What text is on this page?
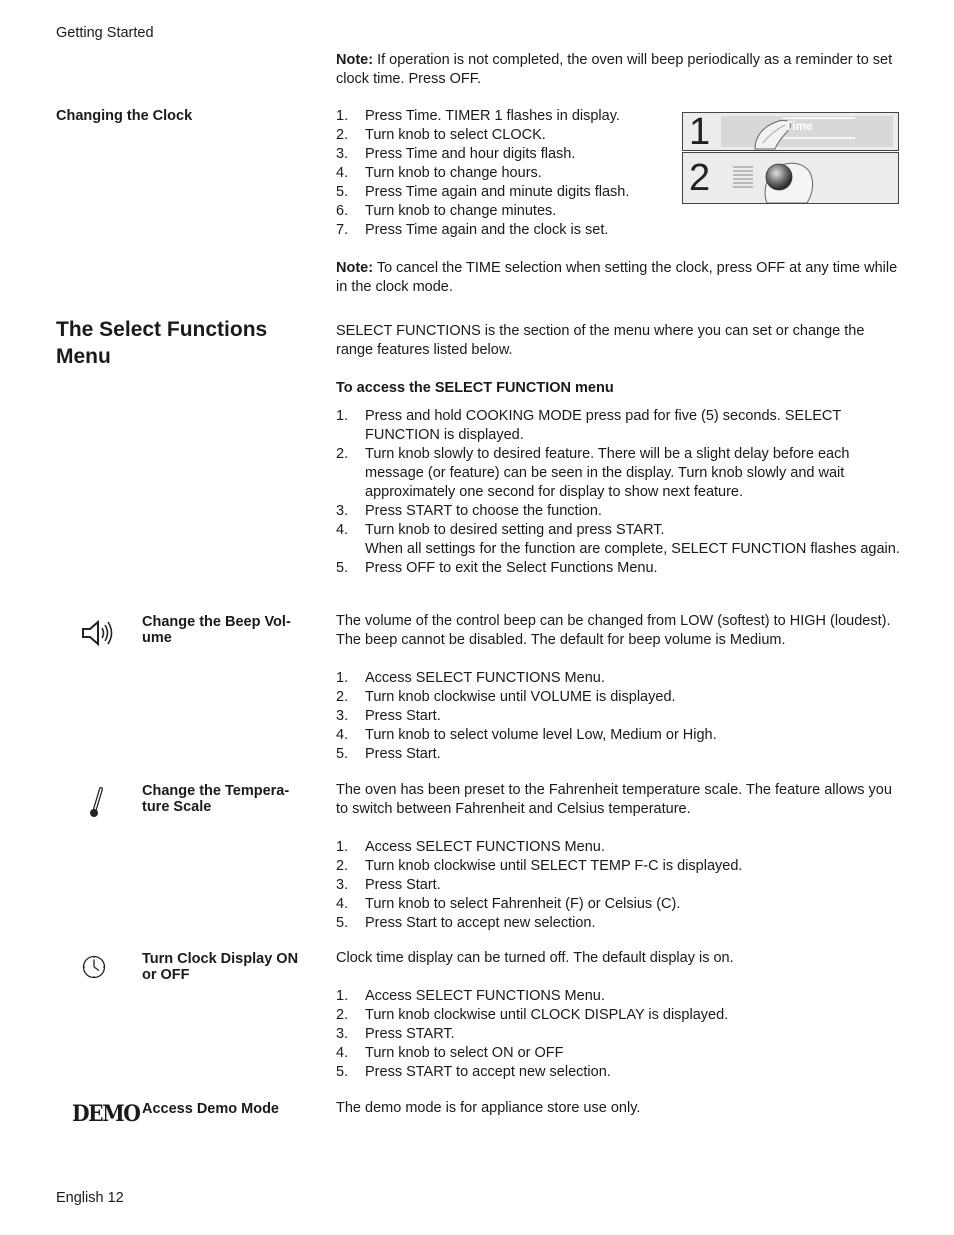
Getting Started
English 12

Note: If operation is not completed, the oven will beep periodically as a reminder to set clock time. Press OFF.

Changing the Clock	1. Press Time. TIMER 1 flashes in display.
2. Turn knob to select CLOCK.
3. Press Time and hour digits flash.
4. Turn knob to change hours.
5. Press Time again and minute digits flash.
6. Turn knob to change minutes.
7. Press Time again and the clock is set.
1	Time
2

Note: To cancel the TIME selection when setting the clock, press OFF at any time while in the clock mode.

The Select Functions Menu

SELECT FUNCTIONS is the section of the menu where you can set or change the range features listed below.

To access the SELECT FUNCTION menu

1. Press and hold COOKING MODE press pad for five (5) seconds. SELECT FUNCTION is displayed.
2. Turn knob slowly to desired feature. There will be a slight delay before each message (or feature) can be seen in the display. Turn knob slowly and wait approximately one second for display to show next feature.
3. Press START to choose the function.
4. Turn knob to desired setting and press START.
When all settings for the function are complete, SELECT FUNCTION flashes again.
5. Press OFF to exit the Select Functions Menu.
Change the Beep Vol-
ume

The volume of the control beep can be changed from LOW (softest) to HIGH (loudest). The beep cannot be disabled. The default for beep volume is Medium.

1. Access SELECT FUNCTIONS Menu.
2. Turn knob clockwise until VOLUME is displayed.
3. Press Start.
4. Turn knob to select volume level Low, Medium or High.
5. Press Start.
Change the Tempera-
ture Scale

The oven has been preset to the Fahrenheit temperature scale. The feature allows you to switch between Fahrenheit and Celsius temperature.

1. Access SELECT FUNCTIONS Menu.
2. Turn knob clockwise until SELECT TEMP F-C is displayed.
3. Press Start.
4. Turn knob to select Fahrenheit (F) or Celsius (C).
5. Press Start to accept new selection.
Turn Clock Display ON
or OFF

Clock time display can be turned off. The default display is on.

1. Access SELECT FUNCTIONS Menu.
2. Turn knob clockwise until CLOCK DISPLAY is displayed.
3. Press START.
4. Turn knob to select ON or OFF
5. Press START to accept new selection.
DEMO Access Demo Mode	The demo mode is for appliance store use only.
